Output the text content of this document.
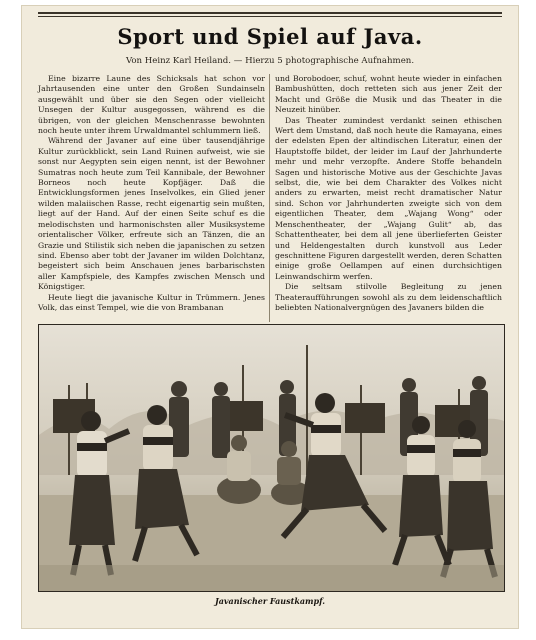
Sport und Spiel auf Java.
Von Heinz Karl Heiland. — Hierzu 5 photographische Aufnahmen.

Eine bizarre Laune des Schicksals hat schon vor Jahrtausenden eine unter den Großen Sundainseln ausgewählt und über sie den Segen oder vielleicht Unsegen der Kultur ausgegossen, während es die übrigen, von der gleichen Menschenrasse bewohnten noch heute unter ihrem Urwaldmantel schlummern ließ.

Während der Javaner auf eine über tausendjährige Kultur zurückblickt, sein Land Ruinen aufweist, wie sie sonst nur Aegypten sein eigen nennt, ist der Bewohner Sumatras noch heute zum Teil Kannibale, der Bewohner Borneos noch heute Kopfjäger. Daß die Entwicklungsformen jenes Inselvolkes, ein Glied jener wilden malaiischen Rasse, recht eigenartig sein mußten, liegt auf der Hand. Auf der einen Seite schuf es die melodischsten und harmonischsten aller Musiksysteme orientalischer Völker, erfreute sich an Tänzen, die an Grazie und Stilistik sich neben die japanischen zu setzen sind. Ebenso aber tobt der Javaner im wilden Dolchtanz, begeistert sich beim Anschauen jenes barbarischsten aller Kampfspiele, des Kampfes zwischen Mensch und Königstiger.

Heute liegt die javanische Kultur in Trümmern. Jenes Volk, das einst Tempel, wie die von Brambanan

und Borobodoer, schuf, wohnt heute wieder in einfachen Bambushütten, doch retteten sich aus jener Zeit der Macht und Größe die Musik und das Theater in die Neuzeit hinüber.

Das Theater zumindest verdankt seinen ethischen Wert dem Umstand, daß noch heute die Ramayana, eines der edelsten Epen der altindischen Literatur, einen der Hauptstoffe bildet, der leider im Lauf der Jahrhunderte mehr und mehr verzopfte. Andere Stoffe behandeln Sagen und historische Motive aus der Geschichte Javas selbst, die, wie bei dem Charakter des Volkes nicht anders zu erwarten, meist recht dramatischer Natur sind. Schon vor Jahrhunderten zweigte sich von dem eigentlichen Theater, dem „Wajang Wong“ oder Menschentheater, der „Wajang Gulit“ ab, das Schattentheater, bei dem all jene überlieferten Geister und Heldengestalten durch kunstvoll aus Leder geschnittene Figuren dargestellt werden, deren Schatten einige große Oellampen auf einen durchsichtigen Leinwandschirm werfen.

Die seltsam stilvolle Begleitung zu jenen Theateraufführungen sowohl als zu dem leidenschaftlich beliebten Nationalvergnügen des Javaners bilden die

Javanischer Faustkampf.
